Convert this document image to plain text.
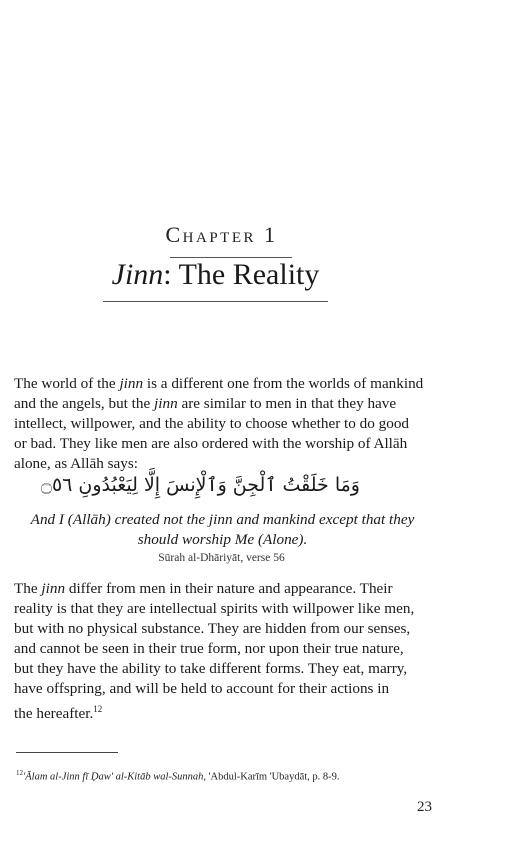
Chapter 1
Jinn: The Reality

The world of the jinn is a different one from the worlds of mankind

and the angels, but the jinn are similar to men in that they have

intellect, willpower, and the ability to choose whether to do good

or bad. They like men are also ordered with the worship of Allāh

alone, as Allāh says:

وَمَا خَلَقْتُ ٱلْجِنَّ وَٱلْإِنسَ إِلَّا لِيَعْبُدُونِ ۝٥٦
And I (Allāh) created not the jinn and mankind except that they
should worship Me (Alone).
Sūrah al-Dhāriyāt, verse 56

The jinn differ from men in their nature and appearance. Their

reality is that they are intellectual spirits with willpower like men,

but with no physical substance. They are hidden from our senses,

and cannot be seen in their true form, nor upon their true nature,

but they have the ability to take different forms. They eat, marry,

have offspring, and will be held to account for their actions in

the hereafter.$^{12}$

$^{12}$'Ālam al-Jinn fī Ḍaw' al-Kitāb wal-Sunnah, 'Abdul-Karīm 'Ubaydāt, p. 8-9.
23
